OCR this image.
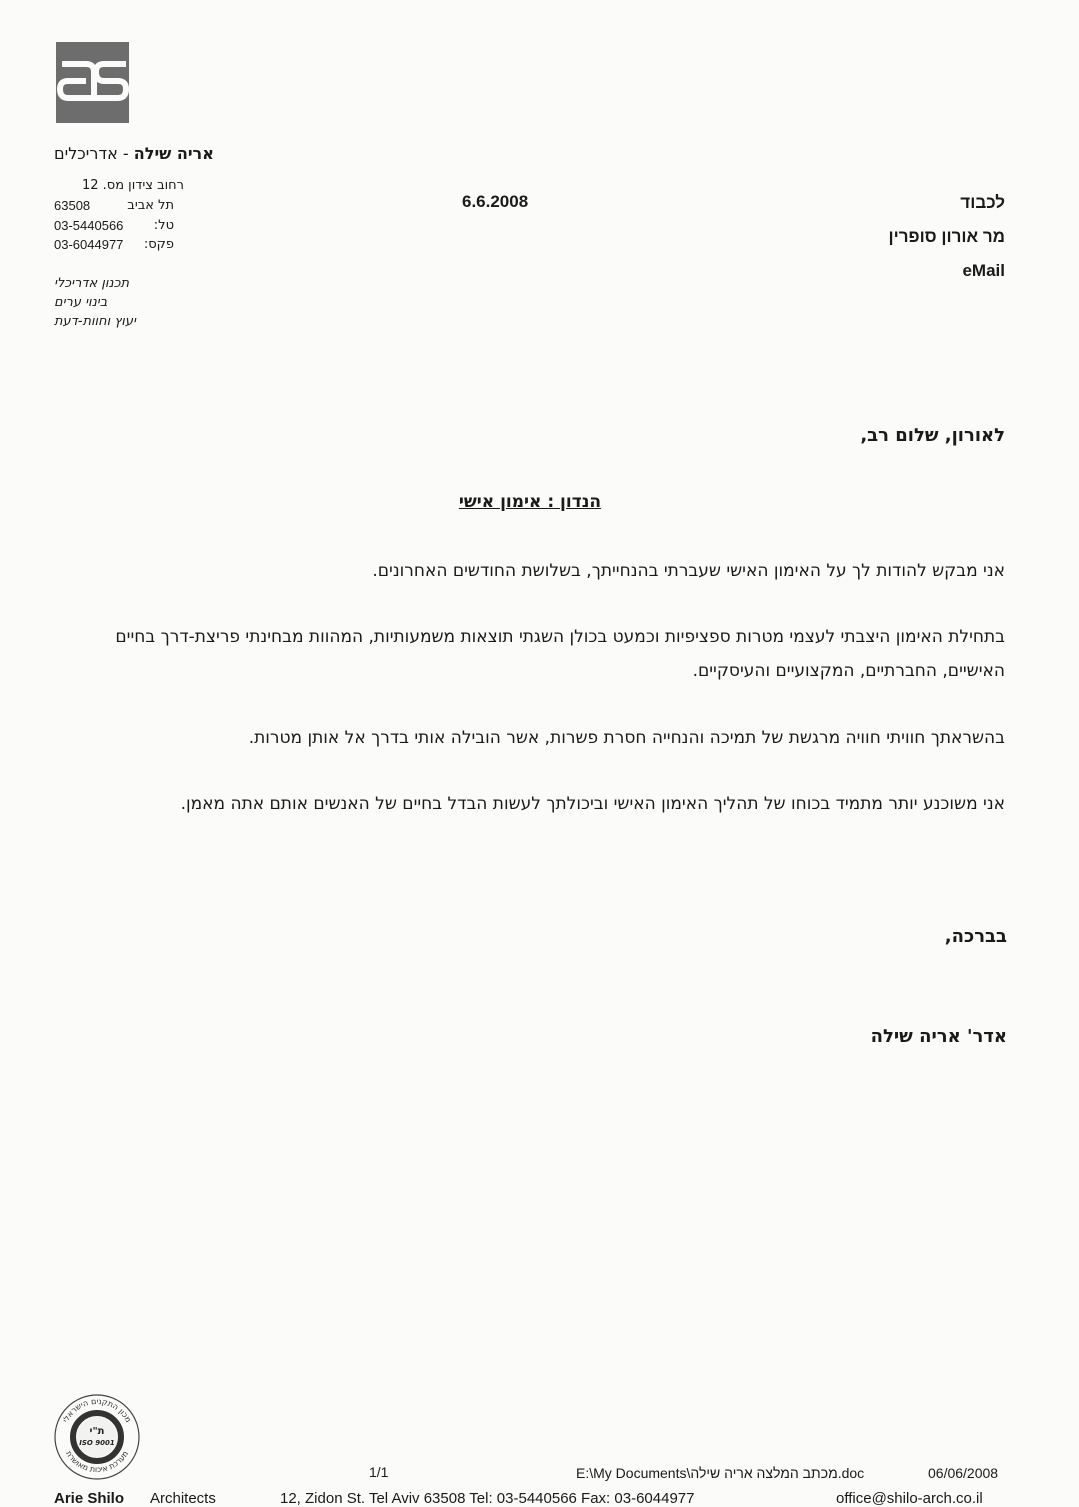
אריה שילה - אדריכלים
רחוב צידון מס. 12
תל אביב
63508
טל:
03-5440566
פקס:
03-6044977
תכנון אדריכלי
בינוי ערים
יעוץ וחוות-דעת
6.6.2008	לכבוד
מר אורון סופרין
eMail
לאורון, שלום רב,
הנדון : אימון אישי
אני מבקש להודות לך על האימון האישי שעברתי בהנחייתך, בשלושת החודשים האחרונים.
בתחילת האימון היצבתי לעצמי מטרות ספציפיות וכמעט בכולן השגתי תוצאות משמעותיות, המהוות מבחינתי פריצת-דרך בחיים האישיים, החברתיים, המקצועיים והעיסקיים.
בהשראתך חוויתי חוויה מרגשת של תמיכה והנחייה חסרת פשרות, אשר הובילה אותי בדרך אל אותן מטרות.
אני משוכנע יותר מתמיד בכוחו של תהליך האימון האישי וביכולתך לעשות הבדל בחיים של האנשים אותם אתה מאמן.
בברכה,
אדר' אריה שילה
מכון התקנים הישראלי
מערכת איכות מאושרת
ת"י
ISO 9001
1/1	E:\My Documents\מכתב המלצה אריה שילה.doc	06/06/2008
Arie Shilo Architects	12, Zidon St. Tel Aviv 63508 Tel: 03-5440566 Fax: 03-6044977	office@shilo-arch.co.il
